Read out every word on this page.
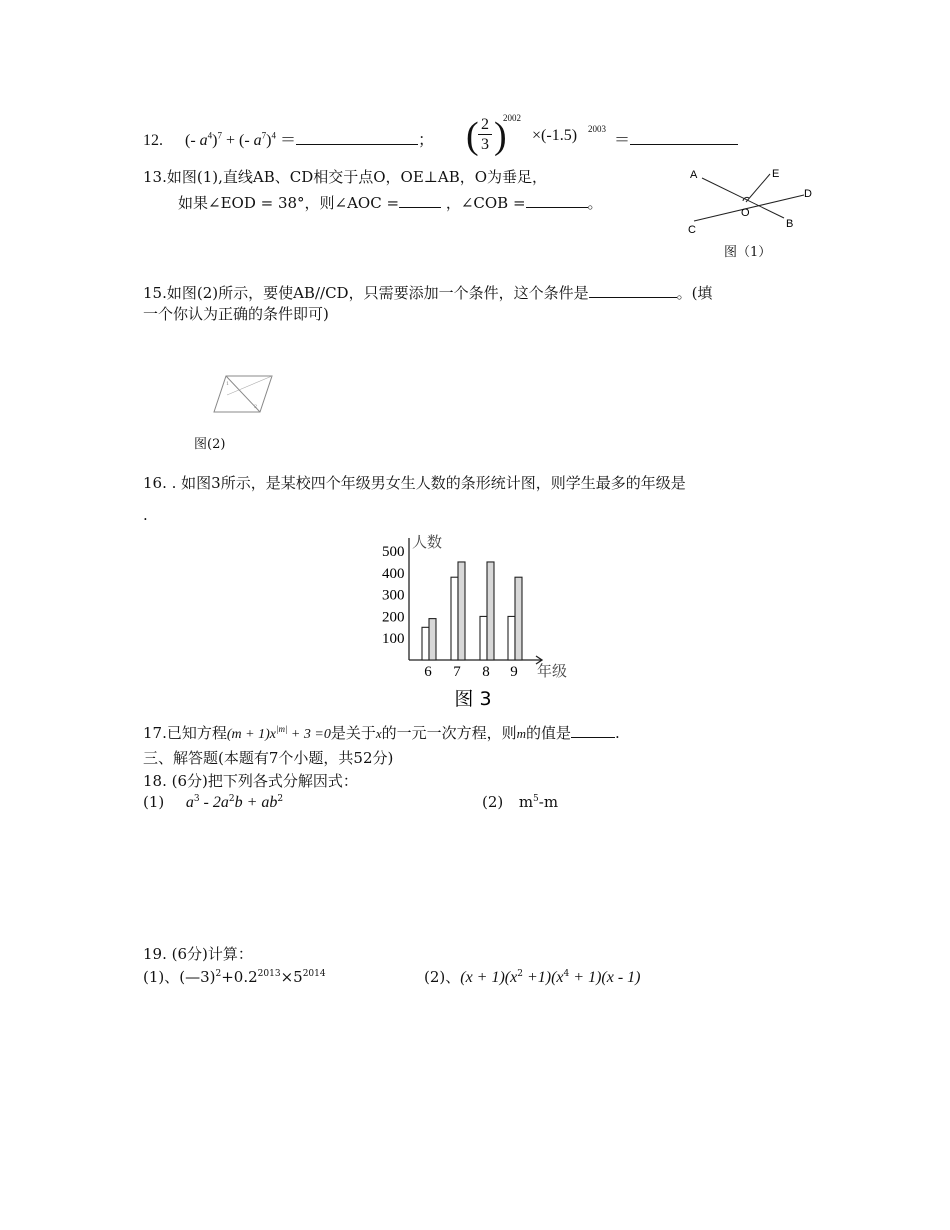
12. (- $a^4)^7$ + (- $a^7)^4$ ＝	； ( 2
3 )
2002
×(-1.5) 2003
＝
13.如图(1),直线AB、CD相交于点O，OE⊥AB，O为垂足，
如果∠EOD = 38°，则∠AOC =	，∠COB =	。
A	E
D
O
C	B
图（1）
15.如图(2)所示，要使AB//CD，只需要添加一个条件，这个条件是	。(填
一个你认为正确的条件即可)
1
2
图(2)
16. . 如图3所示，是某校四个年级男女生人数的条形统计图，则学生最多的年级是
.
6 7 8 9
100
200
300
400
500
人数
年级
图 3
17.已知方程$(m + 1)x^{|m|} + 3 =0$是关于x的一元一次方程，则m的值是	.
三、解答题(本题有7个小题，共52分)
18. (6分)把下列各式分解因式：
(1) $a^3 - 2a^2b + ab^2$	(2) $m^5-m$
19. (6分)计算：
(1)、$(—3)^2+0.2^{2013}\times 5^{2014}$	(2)、$(x + 1)(x^2 +1)(x^4 + 1)(x - 1)$
